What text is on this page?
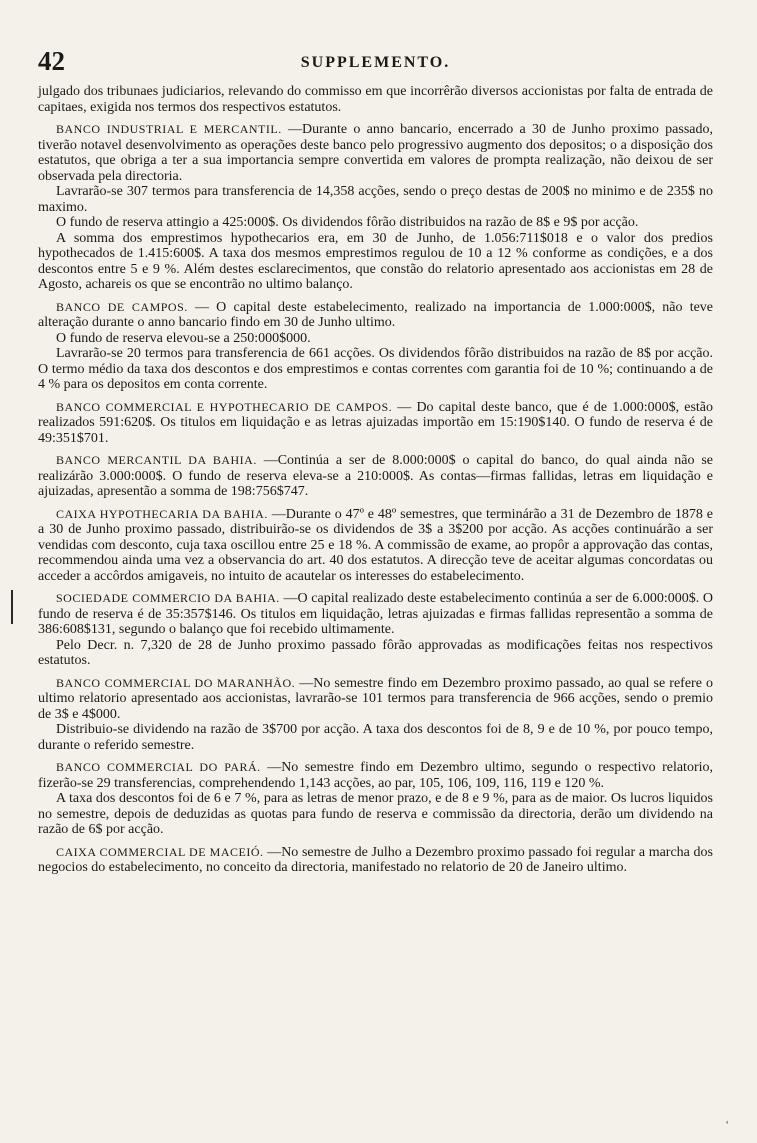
42	SUPPLEMENTO.

julgado dos tribunaes judiciarios, relevando do commisso em que incorrêrão diversos accionistas por falta de entrada de capitaes, exigida nos termos dos respectivos estatutos.

BANCO INDUSTRIAL E MERCANTIL. —Durante o anno bancario, encerrado a 30 de Junho proximo passado, tiverão notavel desenvolvimento as operações deste banco pelo progressivo augmento dos depositos; o a disposição dos estatutos, que obriga a ter a sua importancia sempre convertida em valores de prompta realização, não deixou de ser observada pela directoria.

Lavrarão-se 307 termos para transferencia de 14,358 acções, sendo o preço destas de 200$ no minimo e de 235$ no maximo.

O fundo de reserva attingio a 425:000$. Os dividendos fôrão distribuidos na razão de 8$ e 9$ por acção.

A somma dos emprestimos hypothecarios era, em 30 de Junho, de 1.056:711$018 e o valor dos predios hypothecados de 1.415:600$. A taxa dos mesmos emprestimos regulou de 10 a 12 % conforme as condições, e a dos descontos entre 5 e 9 %. Além destes esclarecimentos, que constão do relatorio apresentado aos accionistas em 28 de Agosto, achareis os que se encontrão no ultimo balanço.

BANCO DE CAMPOS. — O capital deste estabelecimento, realizado na importancia de 1.000:000$, não teve alteração durante o anno bancario findo em 30 de Junho ultimo.

O fundo de reserva elevou-se a 250:000$000.

Lavrarão-se 20 termos para transferencia de 661 acções. Os dividendos fôrão distribuidos na razão de 8$ por acção. O termo médio da taxa dos descontos e dos emprestimos e contas correntes com garantia foi de 10 %; continuando a de 4 % para os depositos em conta corrente.

BANCO COMMERCIAL E HYPOTHECARIO DE CAMPOS. — Do capital deste banco, que é de 1.000:000$, estão realizados 591:620$. Os titulos em liquidação e as letras ajuizadas importão em 15:190$140. O fundo de reserva é de 49:351$701.

BANCO MERCANTIL DA BAHIA. —Continúa a ser de 8.000:000$ o capital do banco, do qual ainda não se realizárão 3.000:000$. O fundo de reserva eleva-se a 210:000$. As contas—firmas fallidas, letras em liquidação e ajuizadas, apresentão a somma de 198:756$747.

CAIXA HYPOTHECARIA DA BAHIA. —Durante o 47º e 48º semestres, que terminárão a 31 de Dezembro de 1878 e a 30 de Junho proximo passado, distribuirão-se os dividendos de 3$ a 3$200 por acção. As acções continuárão a ser vendidas com desconto, cuja taxa oscillou entre 25 e 18 %. A commissão de exame, ao propôr a approvação das contas, recommendou ainda uma vez a observancia do art. 40 dos estatutos. A direcção teve de aceitar algumas concordatas ou acceder a accôrdos amigaveis, no intuito de acautelar os interesses do estabelecimento.

SOCIEDADE COMMERCIO DA BAHIA. —O capital realizado deste estabelecimento continúa a ser de 6.000:000$. O fundo de reserva é de 35:357$146. Os titulos em liquidação, letras ajuizadas e firmas fallidas representão a somma de 386:608$131, segundo o balanço que foi recebido ultimamente.

Pelo Decr. n. 7,320 de 28 de Junho proximo passado fôrão approvadas as modificações feitas nos respectivos estatutos.

BANCO COMMERCIAL DO MARANHÃO. —No semestre findo em Dezembro proximo passado, ao qual se refere o ultimo relatorio apresentado aos accionistas, lavrarão-se 101 termos para transferencia de 966 acções, sendo o premio de 3$ e 4$000.

Distribuio-se dividendo na razão de 3$700 por acção. A taxa dos descontos foi de 8, 9 e de 10 %, por pouco tempo, durante o referido semestre.

BANCO COMMERCIAL DO PARÁ. —No semestre findo em Dezembro ultimo, segundo o respectivo relatorio, fizerão-se 29 transferencias, comprehendendo 1,143 acções, ao par, 105, 106, 109, 116, 119 e 120 %.

A taxa dos descontos foi de 6 e 7 %, para as letras de menor prazo, e de 8 e 9 %, para as de maior. Os lucros liquidos no semestre, depois de deduzidas as quotas para fundo de reserva e commissão da directoria, derão um dividendo na razão de 6$ por acção.

CAIXA COMMERCIAL DE MACEIÓ. —No semestre de Julho a Dezembro proximo passado foi regular a marcha dos negocios do estabelecimento, no conceito da directoria, manifestado no relatorio de 20 de Janeiro ultimo.

ʻ
